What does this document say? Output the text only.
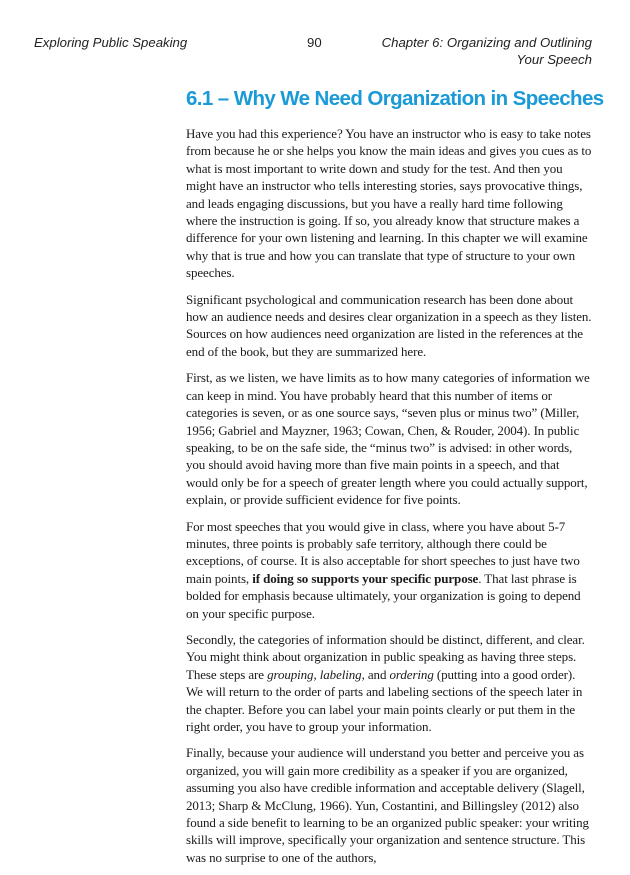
Exploring Public Speaking	90	Chapter 6: Organizing and Outlining
Your Speech
6.1 – Why We Need Organization in Speeches

Have you had this experience? You have an instructor who is easy to take notes from because he or she helps you know the main ideas and gives you cues as to what is most important to write down and study for the test. And then you might have an instructor who tells interesting stories, says provocative things, and leads engaging discussions, but you have a really hard time following where the instruction is going. If so, you already know that structure makes a difference for your own listening and learning. In this chapter we will examine why that is true and how you can translate that type of structure to your own speeches.

Significant psychological and communication research has been done about how an audience needs and desires clear organization in a speech as they listen. Sources on how audiences need organization are listed in the references at the end of the book, but they are summarized here.

First, as we listen, we have limits as to how many categories of information we can keep in mind. You have probably heard that this number of items or categories is seven, or as one source says, “seven plus or minus two” (Miller, 1956; Gabriel and Mayzner, 1963; Cowan, Chen, & Rouder, 2004). In public speaking, to be on the safe side, the “minus two” is advised: in other words, you should avoid having more than five main points in a speech, and that would only be for a speech of greater length where you could actually support, explain, or provide sufficient evidence for five points.

For most speeches that you would give in class, where you have about 5-7 minutes, three points is probably safe territory, although there could be exceptions, of course. It is also acceptable for short speeches to just have two main points, if doing so supports your specific purpose. That last phrase is bolded for emphasis because ultimately, your organization is going to depend on your specific purpose.

Secondly, the categories of information should be distinct, different, and clear. You might think about organization in public speaking as having three steps. These steps are grouping, labeling, and ordering (putting into a good order). We will return to the order of parts and labeling sections of the speech later in the chapter. Before you can label your main points clearly or put them in the right order, you have to group your information.

Finally, because your audience will understand you better and perceive you as organized, you will gain more credibility as a speaker if you are organized, assuming you also have credible information and acceptable delivery (Slagell, 2013; Sharp & McClung, 1966). Yun, Costantini, and Billingsley (2012) also found a side benefit to learning to be an organized public speaker: your writing skills will improve, specifically your organization and sentence structure. This was no surprise to one of the authors,
